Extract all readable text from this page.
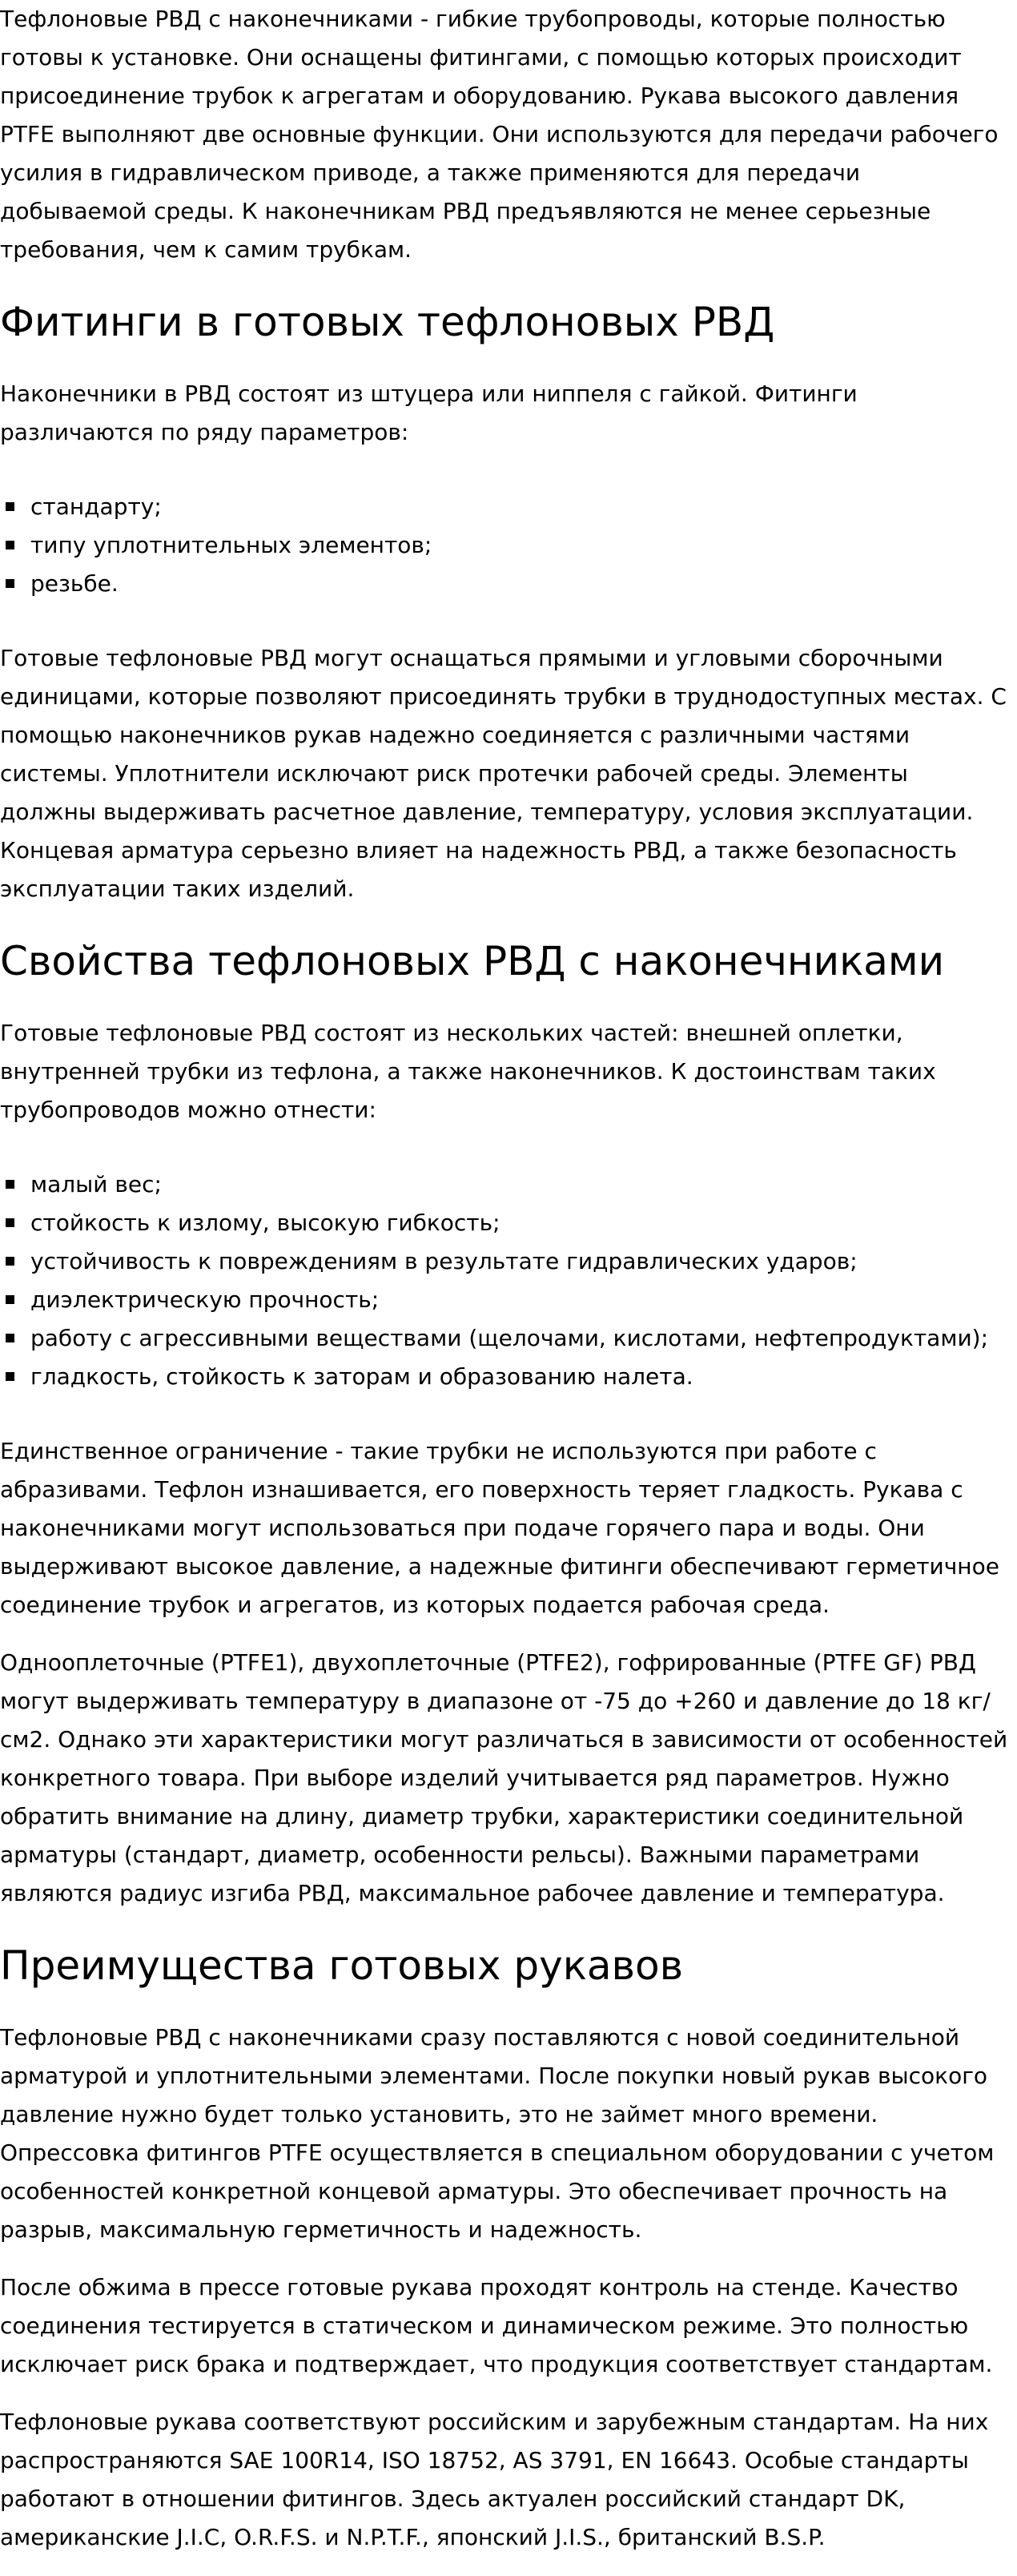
Тефлоновые РВД с наконечниками - гибкие трубопроводы, которые полностью готовы к установке. Они оснащены фитингами, с помощью которых происходит присоединение трубок к агрегатам и оборудованию. Рукава высокого давления PTFE выполняют две основные функции. Они используются для передачи рабочего усилия в гидравлическом приводе, а также применяются для передачи добываемой среды. К наконечникам РВД предъявляются не менее серьезные требования, чем к самим трубкам.

Фитинги в готовых тефлоновых РВД

Наконечники в РВД состоят из штуцера или ниппеля с гайкой. Фитинги различаются по ряду параметров:

стандарту;
типу уплотнительных элементов;
резьбе.

Готовые тефлоновые РВД могут оснащаться прямыми и угловыми сборочными единицами, которые позволяют присоединять трубки в труднодоступных местах. С помощью наконечников рукав надежно соединяется с различными частями системы. Уплотнители исключают риск протечки рабочей среды. Элементы должны выдерживать расчетное давление, температуру, условия эксплуатации. Концевая арматура серьезно влияет на надежность РВД, а также безопасность эксплуатации таких изделий.

Свойства тефлоновых РВД с наконечниками

Готовые тефлоновые РВД состоят из нескольких частей: внешней оплетки, внутренней трубки из тефлона, а также наконечников. К достоинствам таких трубопроводов можно отнести:

малый вес;
стойкость к излому, высокую гибкость;
устойчивость к повреждениям в результате гидравлических ударов;
диэлектрическую прочность;
работу с агрессивными веществами (щелочами, кислотами, нефтепродуктами);
гладкость, стойкость к заторам и образованию налета.

Единственное ограничение - такие трубки не используются при работе с абразивами. Тефлон изнашивается, его поверхность теряет гладкость. Рукава с наконечниками могут использоваться при подаче горячего пара и воды. Они выдерживают высокое давление, а надежные фитинги обеспечивают герметичное соединение трубок и агрегатов, из которых подается рабочая среда.

Однооплеточные (PTFE1), двухоплеточные (PTFE2), гофрированные (PTFE GF) РВД могут выдерживать температуру в диапазоне от -75 до +260 и давление до 18 кг/см2. Однако эти характеристики могут различаться в зависимости от особенностей конкретного товара. При выборе изделий учитывается ряд параметров. Нужно обратить внимание на длину, диаметр трубки, характеристики соединительной арматуры (стандарт, диаметр, особенности рельсы). Важными параметрами являются радиус изгиба РВД, максимальное рабочее давление и температура.

Преимущества готовых рукавов

Тефлоновые РВД с наконечниками сразу поставляются с новой соединительной арматурой и уплотнительными элементами. После покупки новый рукав высокого давление нужно будет только установить, это не займет много времени. Опрессовка фитингов PTFE осуществляется в специальном оборудовании с учетом особенностей конкретной концевой арматуры. Это обеспечивает прочность на разрыв, максимальную герметичность и надежность.

После обжима в прессе готовые рукава проходят контроль на стенде. Качество соединения тестируется в статическом и динамическом режиме. Это полностью исключает риск брака и подтверждает, что продукция соответствует стандартам.

Тефлоновые рукава соответствуют российским и зарубежным стандартам. На них распространяются SAE 100R14, ISO 18752, AS 3791, EN 16643. Особые стандарты работают в отношении фитингов. Здесь актуален российский стандарт DK, американские J.I.C, O.R.F.S. и N.P.T.F., японский J.I.S., британский B.S.P.
